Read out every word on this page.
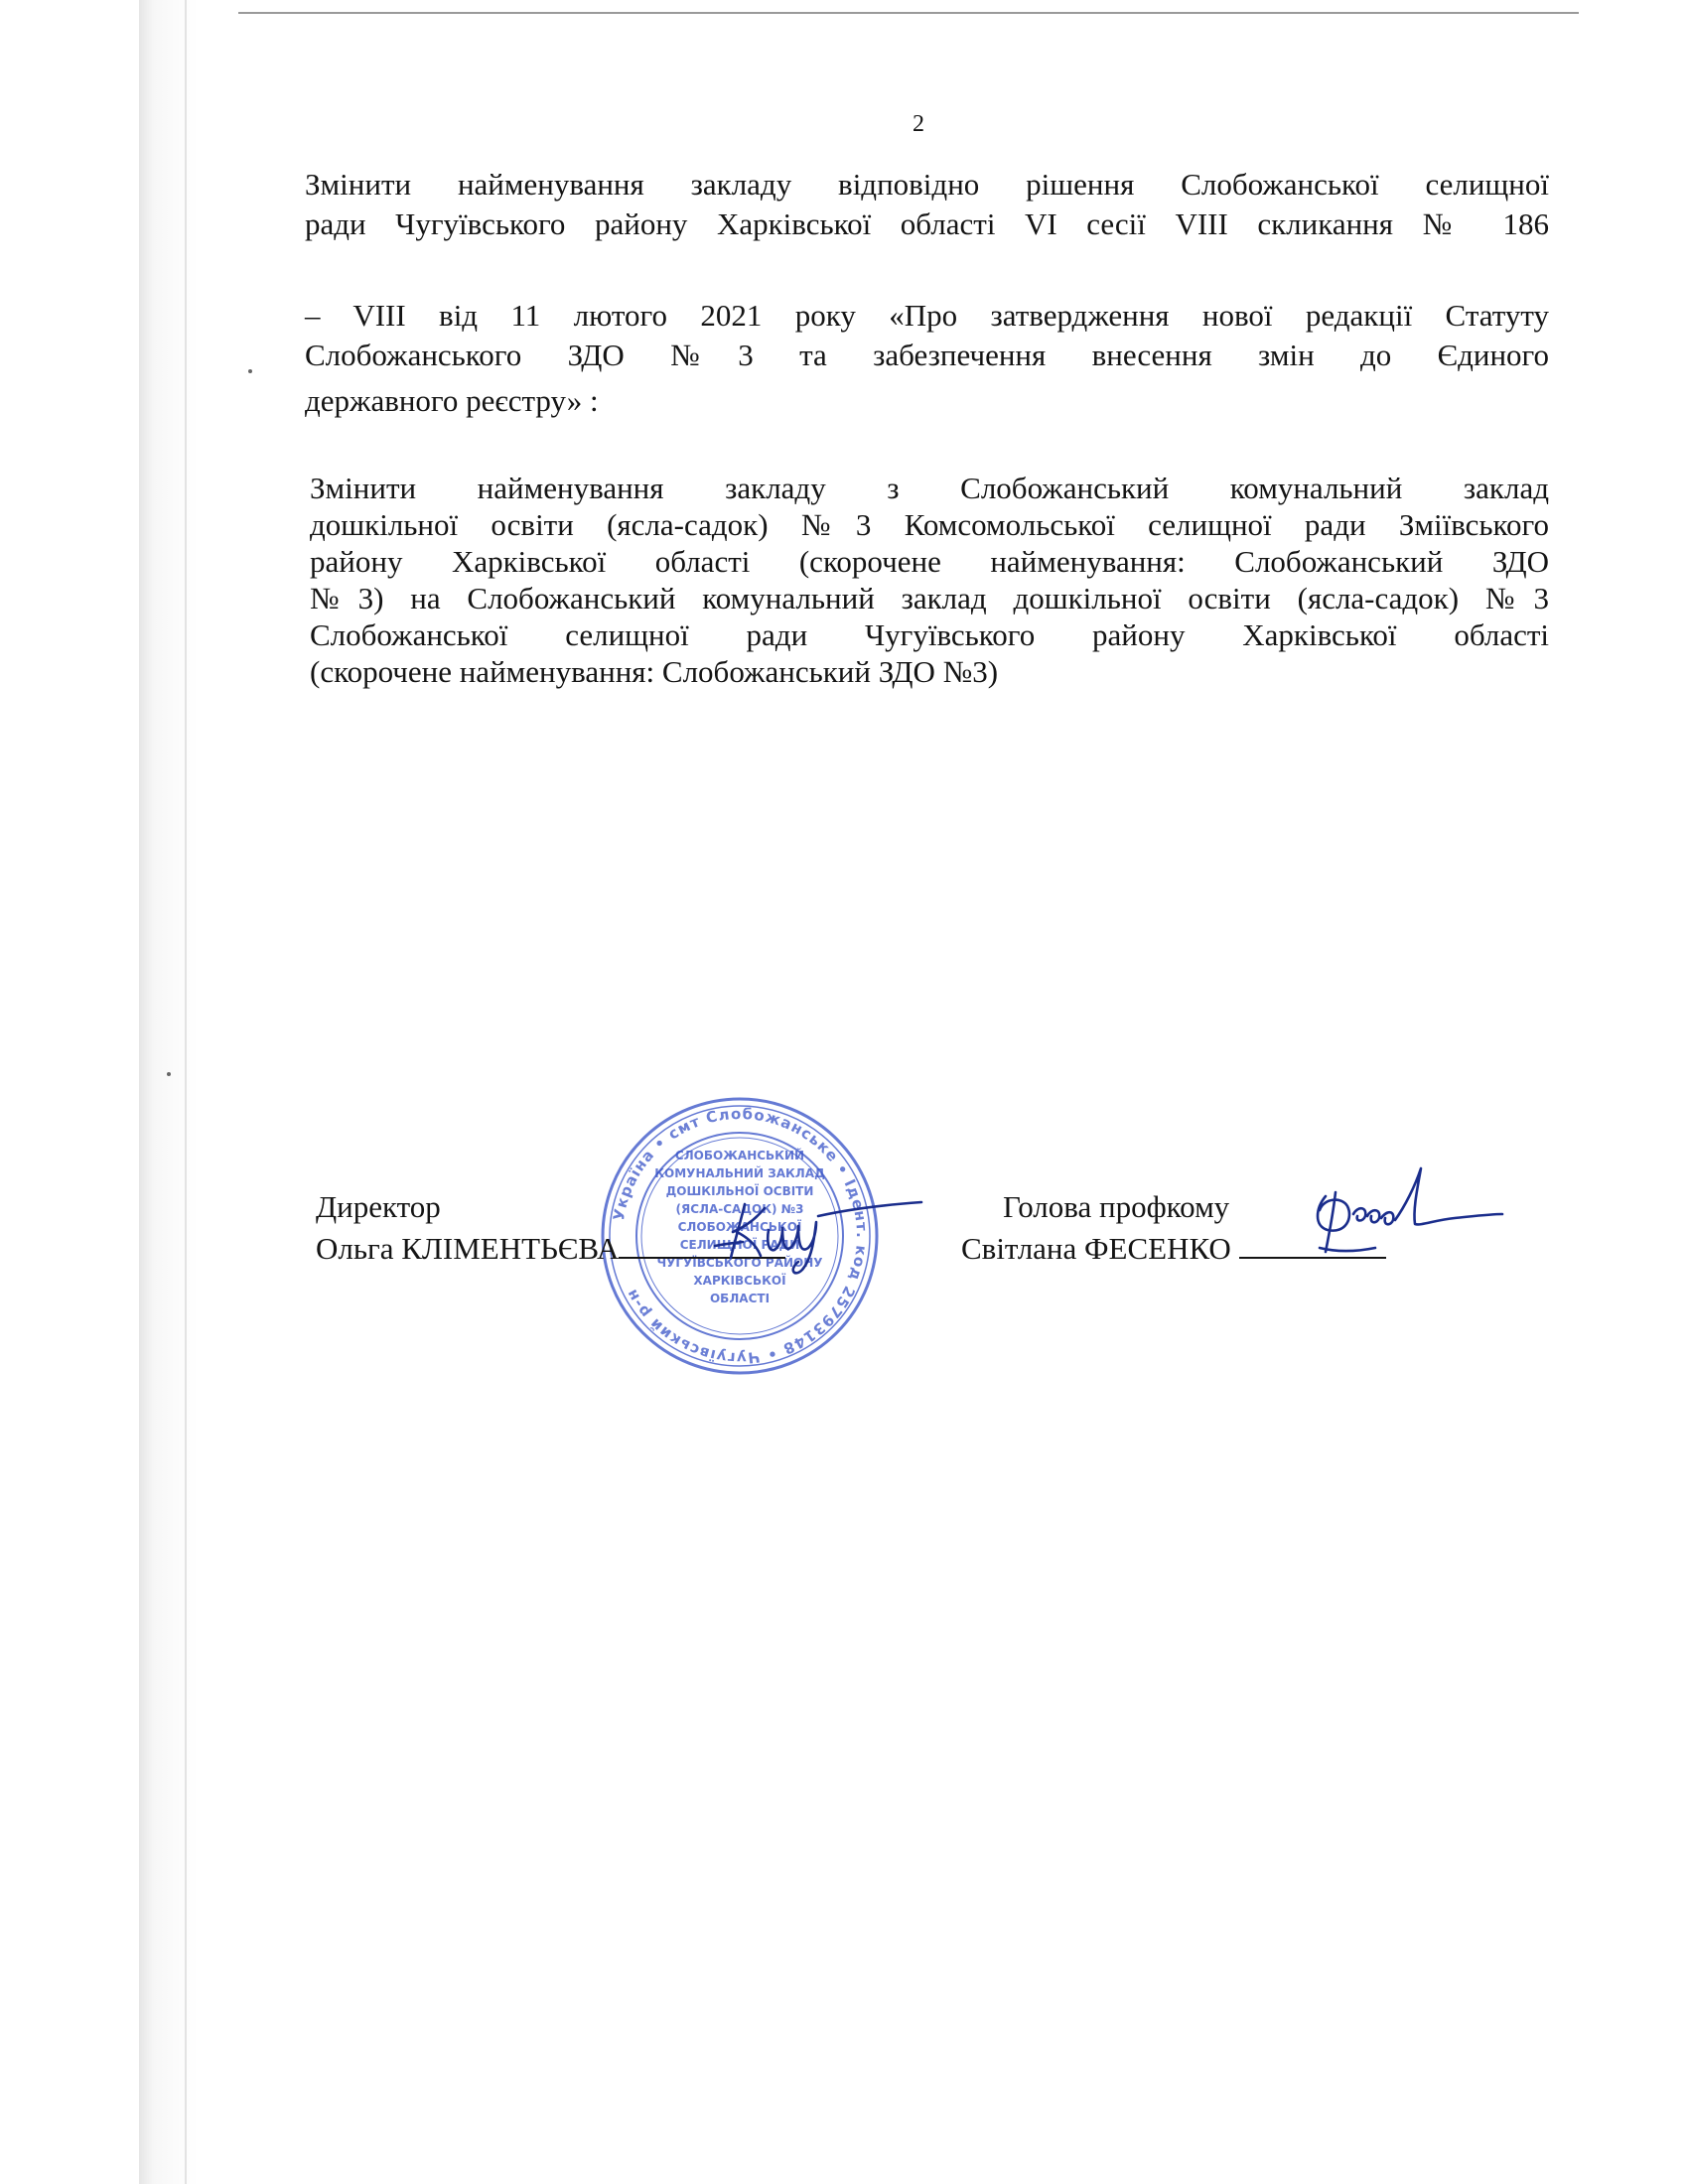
2
Змінити найменування закладу відповідно рішення Слобожанської селищної
ради Чугуївського району Харківської області VI сесії VIII скликання № 186
– VIII від 11 лютого 2021 року «Про затвердження нової редакції Статуту
Слобожанського ЗДО №3 та забезпечення внесення змін до Єдиного
державного реєстру» :
Змінити найменування закладу з Слобожанський комунальний заклад
дошкільної освіти (ясла-садок) №3 Комсомольської селищної ради Зміївського
району Харківської області (скорочене найменування: Слобожанський ЗДО
№3) на Слобожанський комунальний заклад дошкільної освіти (ясла-садок) №3
Слобожанської селищної ради Чугуївського району Харківської області
(скорочене найменування: Слобожанський ЗДО №3)
Україна • смт Слобожанське • Ідент. код 25793148 • Чугуївський р-н
СЛОБОЖАНСЬКИЙ
КОМУНАЛЬНИЙ ЗАКЛАД
ДОШКІЛЬНОЇ ОСВІТИ
(ЯСЛА-САДОК) №3
СЛОБОЖАНСЬКОЇ
СЕЛИЩНОЇ РАДИ
ЧУГУЇВСЬКОГО РАЙОНУ
ХАРКІВСЬКОЇ
ОБЛАСТІ
Директор
Ольга КЛІМЕНТЬЄВА
Голова профкому
Світлана ФЕСЕНКО
